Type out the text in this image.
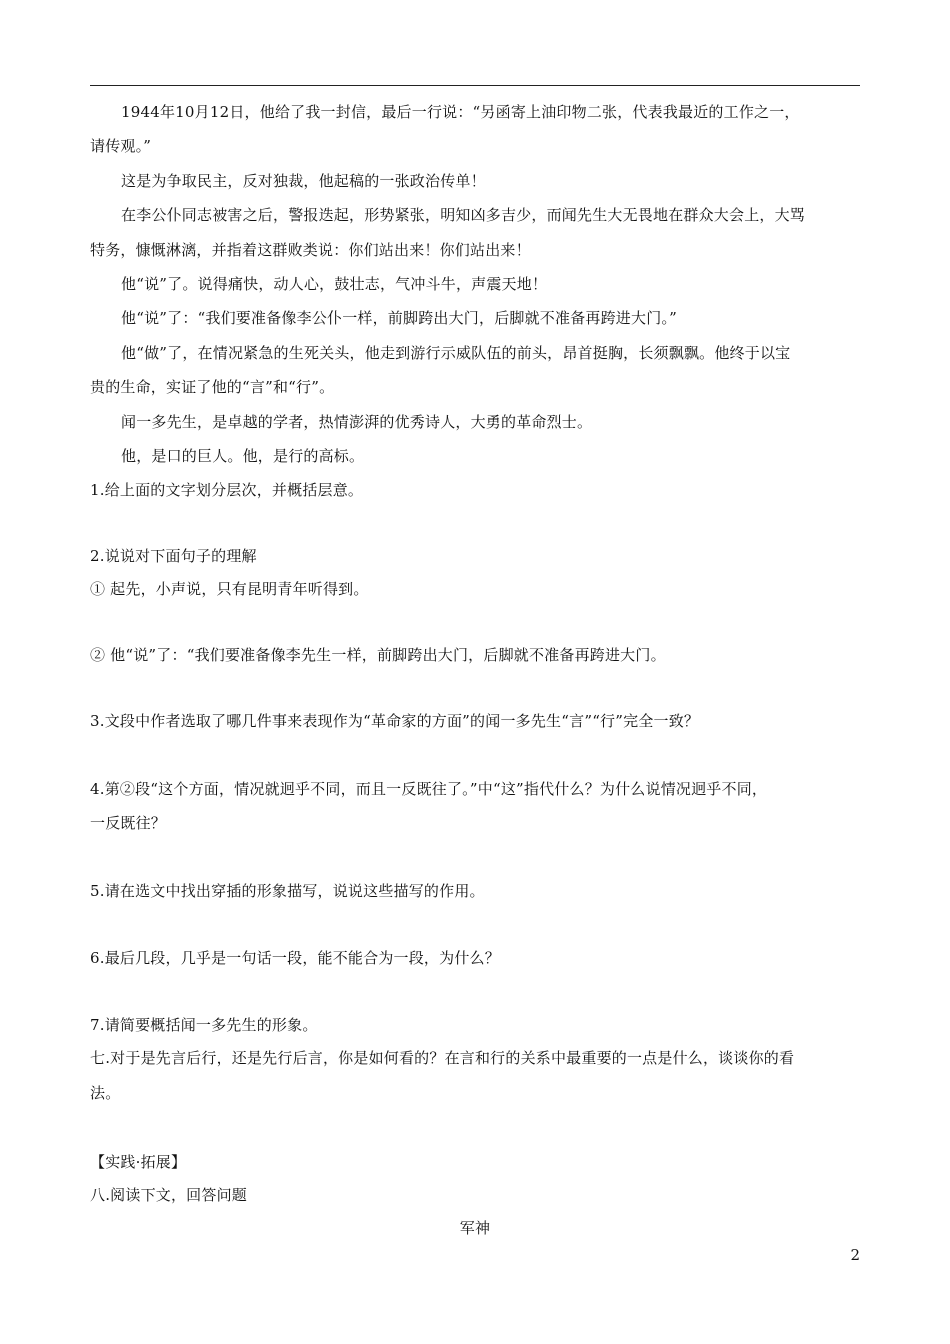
1944年10月12日，他给了我一封信，最后一行说：“另函寄上油印物二张，代表我最近的工作之一，
请传观。”
这是为争取民主，反对独裁，他起稿的一张政治传单！
在李公仆同志被害之后，警报迭起，形势紧张，明知凶多吉少，而闻先生大无畏地在群众大会上，大骂
特务，慷慨淋漓，并指着这群败类说：你们站出来！你们站出来！
他“说”了。说得痛快，动人心，鼓壮志，气冲斗牛，声震天地！
他“说”了：“我们要准备像李公仆一样，前脚跨出大门，后脚就不准备再跨进大门。”
他“做”了，在情况紧急的生死关头，他走到游行示威队伍的前头，昂首挺胸，长须飘飘。他终于以宝
贵的生命，实证了他的“言”和“行”。
闻一多先生，是卓越的学者，热情澎湃的优秀诗人，大勇的革命烈士。
他，是口的巨人。他，是行的高标。
1.给上面的文字划分层次，并概括层意。
2.说说对下面句子的理解
① 起先，小声说，只有昆明青年听得到。
② 他“说”了：“我们要准备像李先生一样，前脚跨出大门，后脚就不准备再跨进大门。
3.文段中作者选取了哪几件事来表现作为“革命家的方面”的闻一多先生“言”“行”完全一致？
4.第②段“这个方面，情况就迥乎不同，而且一反既往了。”中“这”指代什么？为什么说情况迥乎不同，
一反既往？
5.请在选文中找出穿插的形象描写，说说这些描写的作用。
6.最后几段，几乎是一句话一段，能不能合为一段，为什么？
7.请简要概括闻一多先生的形象。
七.对于是先言后行，还是先行后言，你是如何看的？在言和行的关系中最重要的一点是什么，谈谈你的看
法。
【实践·拓展】
八.阅读下文，回答问题
军神
2
